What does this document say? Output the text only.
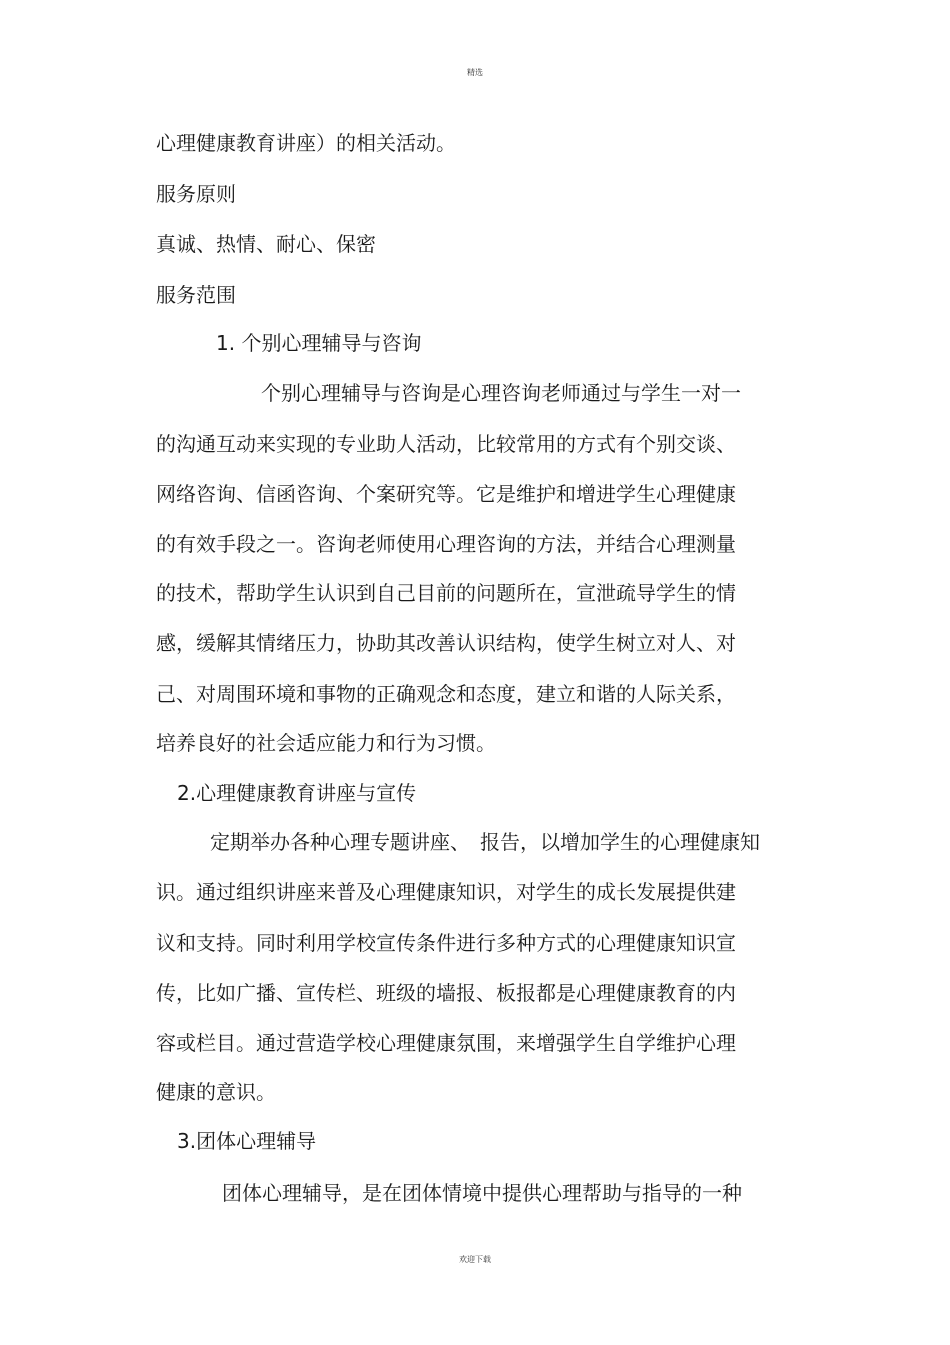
精选
心理健康教育讲座）的相关活动。
服务原则
真诚、热情、耐心、保密
服务范围
1. 个别心理辅导与咨询
个别心理辅导与咨询是心理咨询老师通过与学生一对一
的沟通互动来实现的专业助人活动，比较常用的方式有个别交谈、
网络咨询、信函咨询、个案研究等。它是维护和增进学生心理健康
的有效手段之一。咨询老师使用心理咨询的方法，并结合心理测量
的技术，帮助学生认识到自己目前的问题所在，宣泄疏导学生的情
感，缓解其情绪压力，协助其改善认识结构，使学生树立对人、对
己、对周围环境和事物的正确观念和态度，建立和谐的人际关系，
培养良好的社会适应能力和行为习惯。
2.心理健康教育讲座与宣传
定期举办各种心理专题讲座、　报告，以增加学生的心理健康知
识。通过组织讲座来普及心理健康知识，对学生的成长发展提供建
议和支持。同时利用学校宣传条件进行多种方式的心理健康知识宣
传，比如广播、宣传栏、班级的墙报、板报都是心理健康教育的内
容或栏目。通过营造学校心理健康氛围，来增强学生自学维护心理
健康的意识。
3.团体心理辅导
团体心理辅导，是在团体情境中提供心理帮助与指导的一种
欢迎下载
